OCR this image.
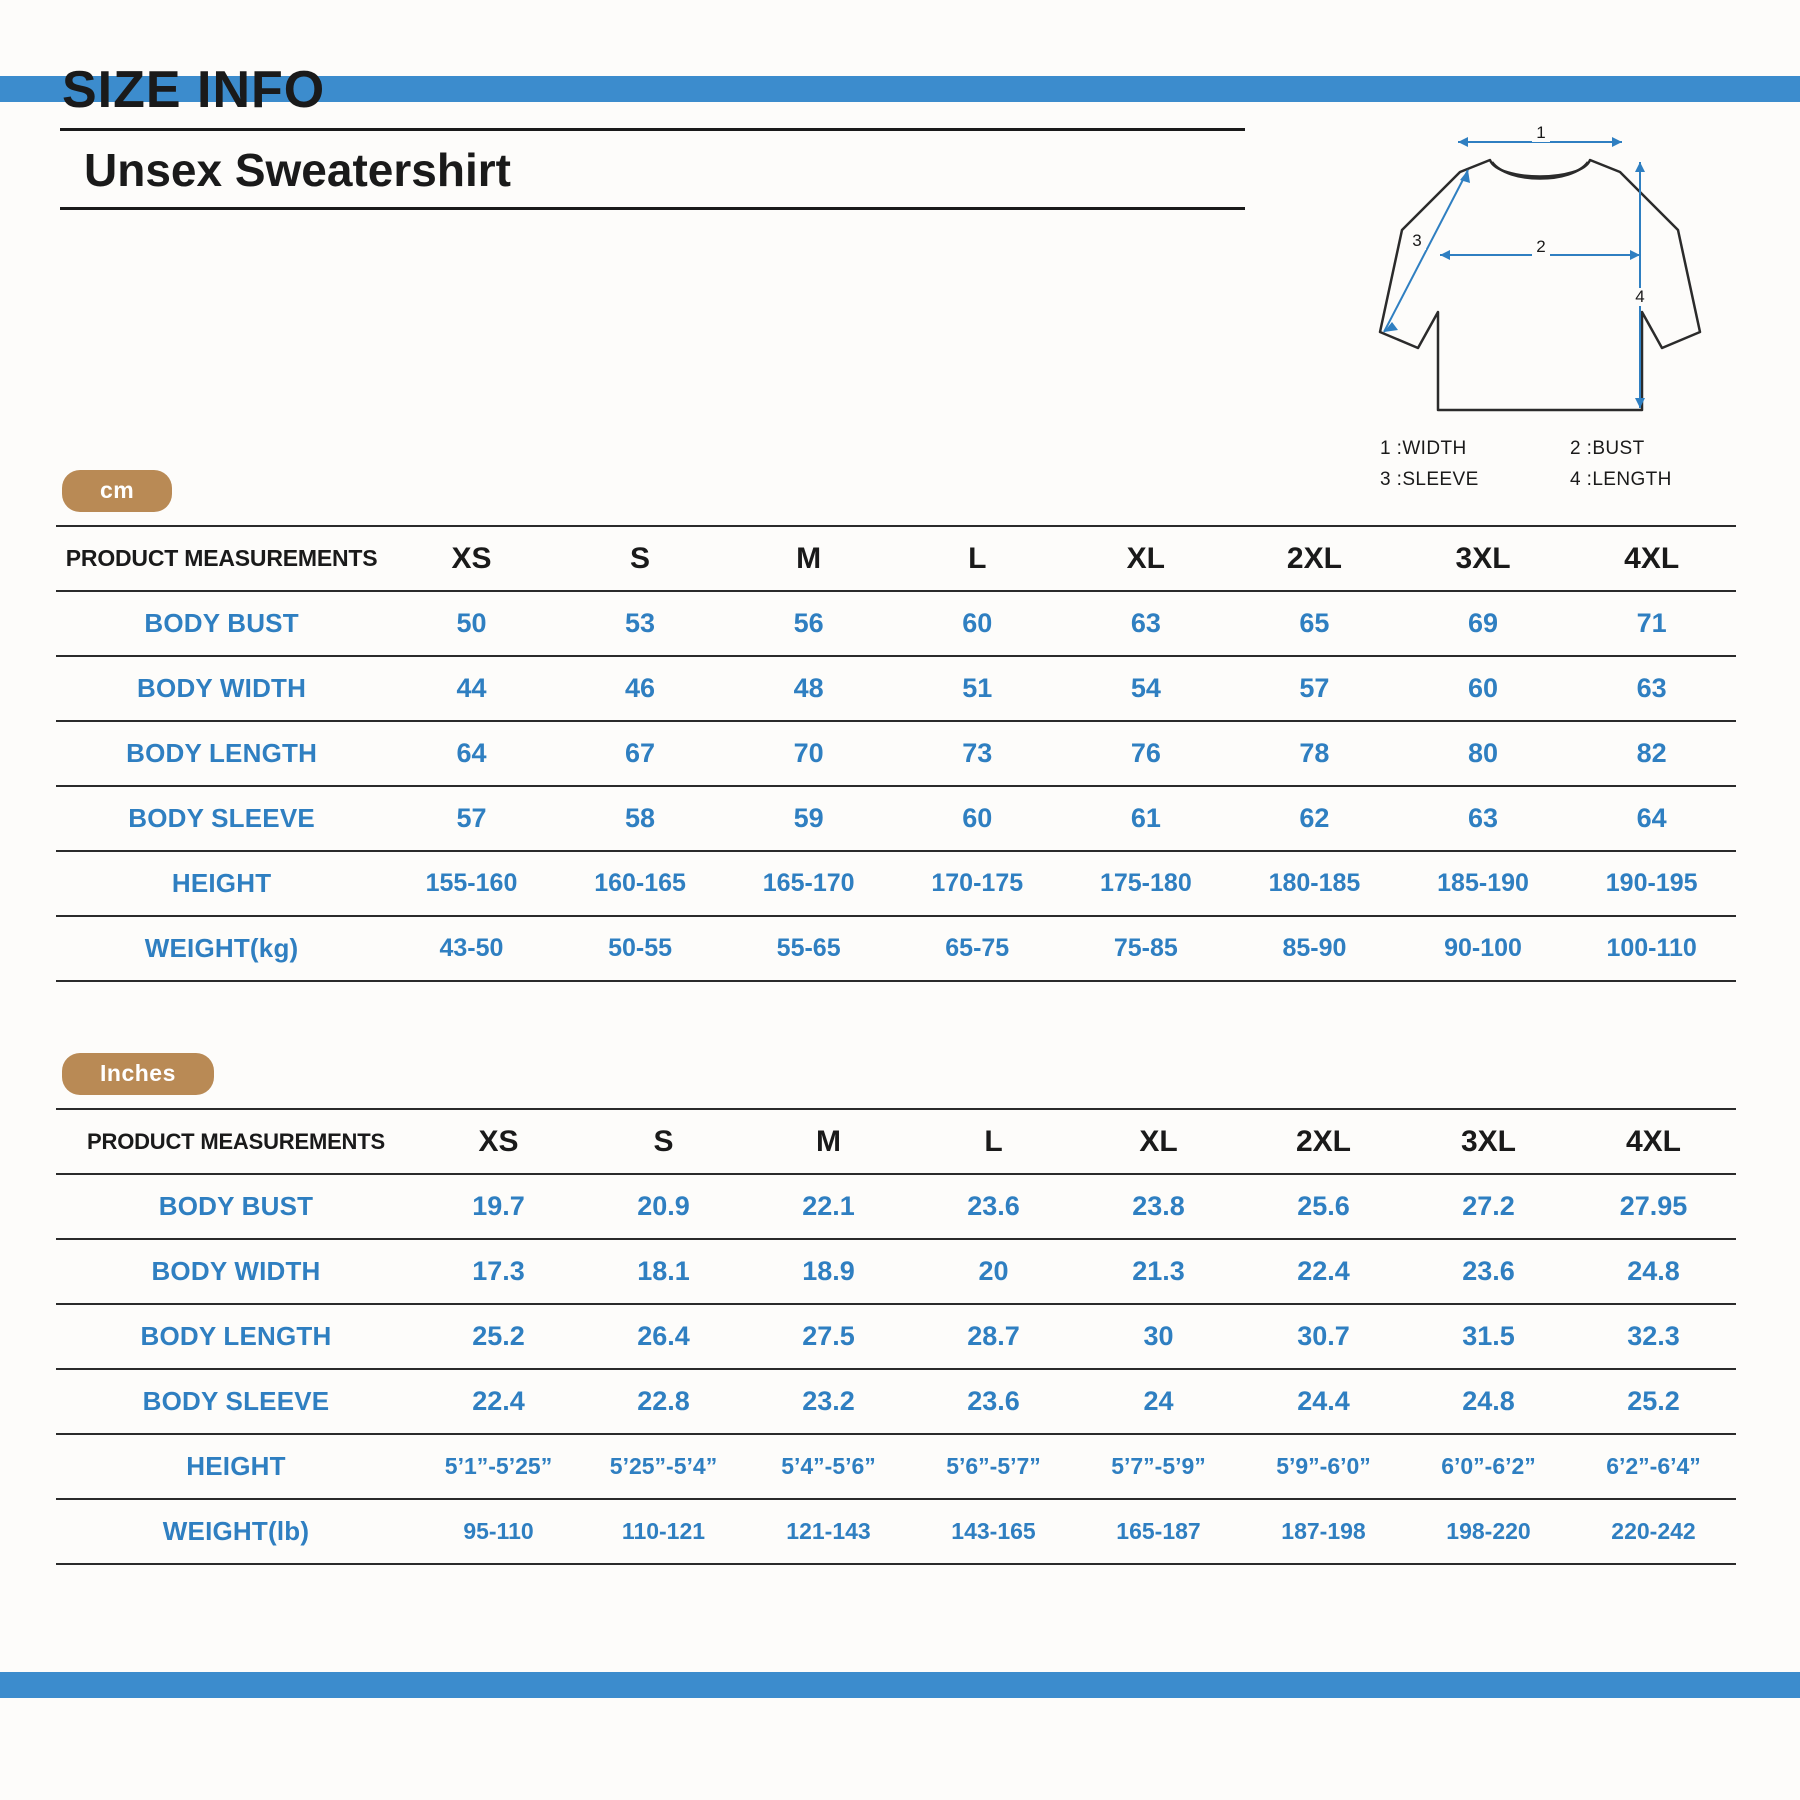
SIZE INFO
Unsex Sweatershirt
1
2
3
4
1 :WIDTH	2 :BUST
3 :SLEEVE	4 :LENGTH
cm
PRODUCT MEASUREMENTS	XS	S	M	L	XL	2XL	3XL	4XL
BODY BUST	50	53	56	60	63	65	69	71
BODY WIDTH	44	46	48	51	54	57	60	63
BODY LENGTH	64	67	70	73	76	78	80	82
BODY SLEEVE	57	58	59	60	61	62	63	64
HEIGHT	155-160	160-165	165-170	170-175	175-180	180-185	185-190	190-195
WEIGHT(kg)	43-50	50-55	55-65	65-75	75-85	85-90	90-100	100-110
Inches
PRODUCT MEASUREMENTS	XS	S	M	L	XL	2XL	3XL	4XL
BODY BUST	19.7	20.9	22.1	23.6	23.8	25.6	27.2	27.95
BODY WIDTH	17.3	18.1	18.9	20	21.3	22.4	23.6	24.8
BODY LENGTH	25.2	26.4	27.5	28.7	30	30.7	31.5	32.3
BODY SLEEVE	22.4	22.8	23.2	23.6	24	24.4	24.8	25.2
HEIGHT	5’1”-5’25”	5’25”-5’4”	5’4”-5’6”	5’6”-5’7”	5’7”-5’9”	5’9”-6’0”	6’0”-6’2”	6’2”-6’4”
WEIGHT(lb)	95-110	110-121	121-143	143-165	165-187	187-198	198-220	220-242
